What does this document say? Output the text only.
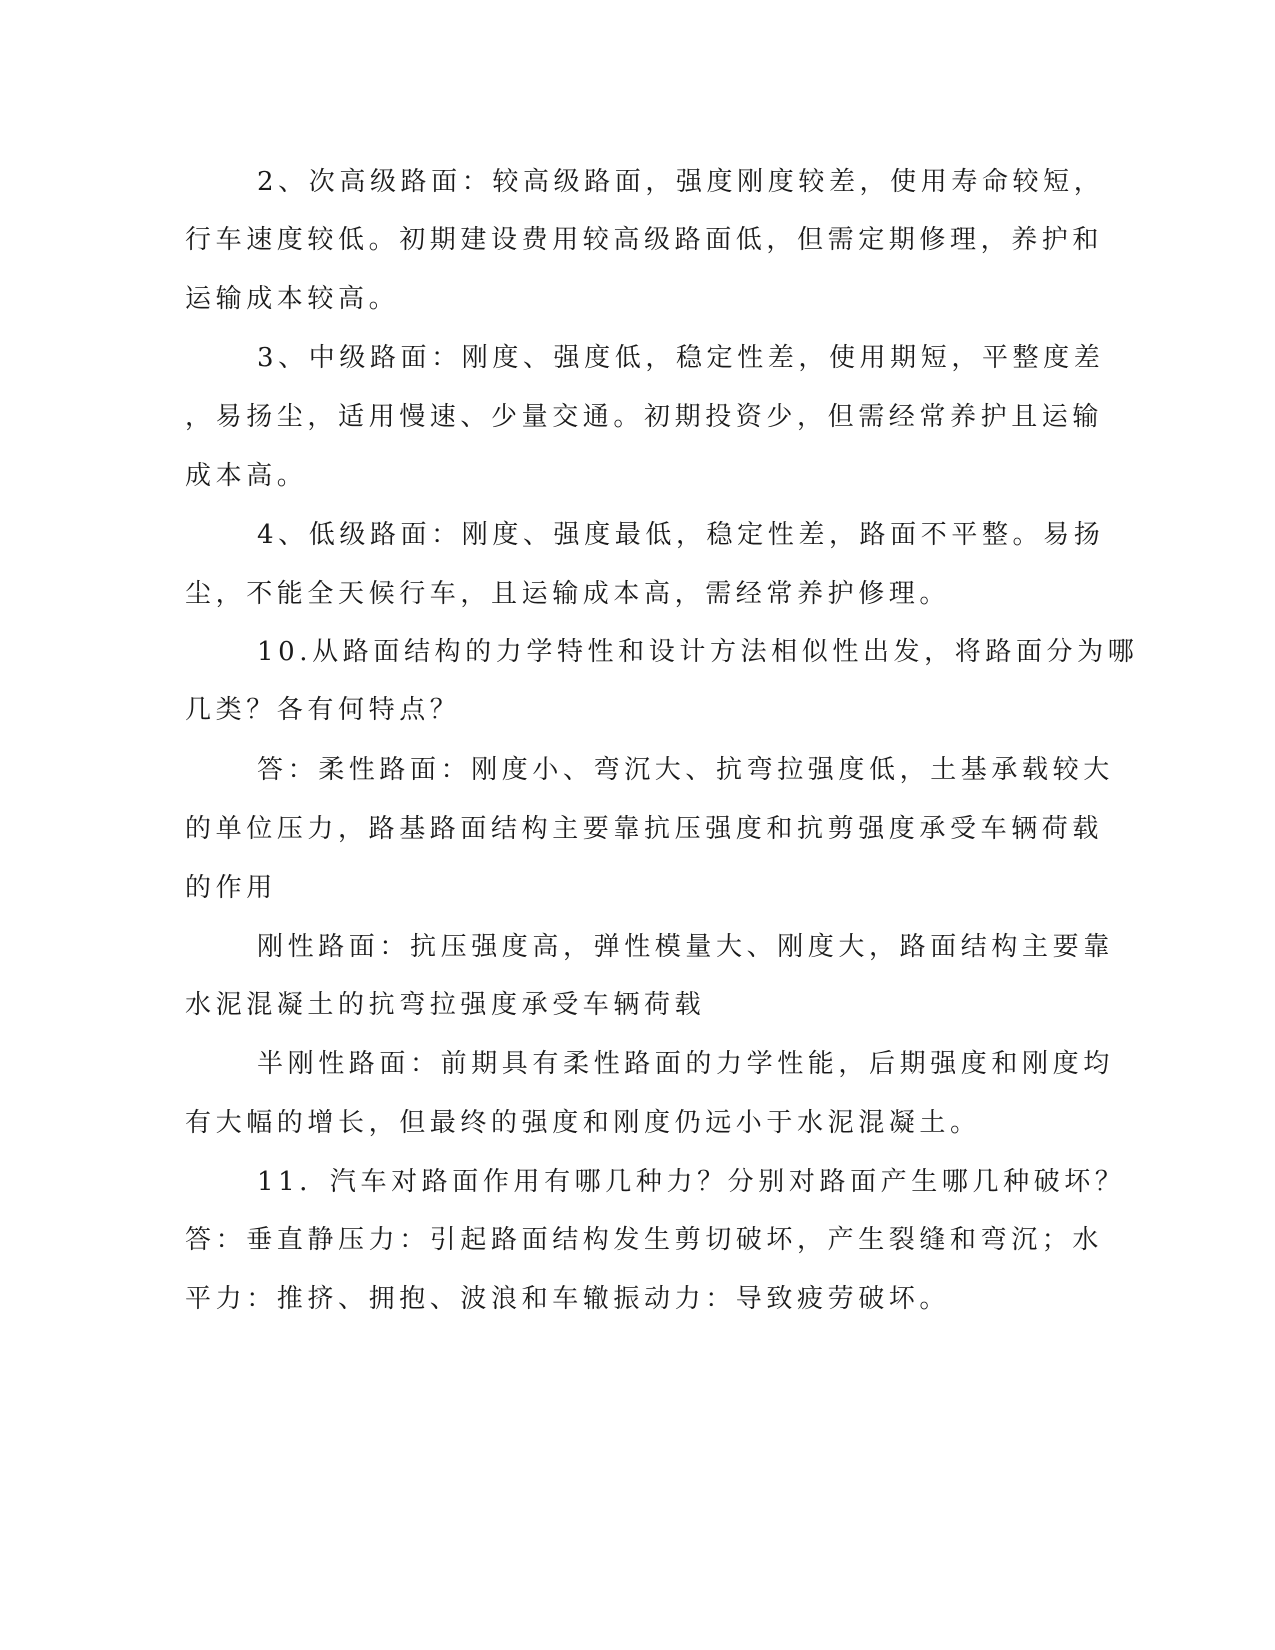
2、次高级路面：较高级路面，强度刚度较差，使用寿命较短，
行车速度较低。初期建设费用较高级路面低，但需定期修理，养护和
运输成本较高。
3、中级路面：刚度、强度低，稳定性差，使用期短，平整度差
，易扬尘，适用慢速、少量交通。初期投资少，但需经常养护且运输
成本高。
4、低级路面：刚度、强度最低，稳定性差，路面不平整。易扬
尘，不能全天候行车，且运输成本高，需经常养护修理。
10.从路面结构的力学特性和设计方法相似性出发，将路面分为哪
几类？各有何特点？
答：柔性路面：刚度小、弯沉大、抗弯拉强度低，土基承载较大
的单位压力，路基路面结构主要靠抗压强度和抗剪强度承受车辆荷载
的作用
刚性路面：抗压强度高，弹性模量大、刚度大，路面结构主要靠
水泥混凝土的抗弯拉强度承受车辆荷载
半刚性路面：前期具有柔性路面的力学性能，后期强度和刚度均
有大幅的增长，但最终的强度和刚度仍远小于水泥混凝土。
11．汽车对路面作用有哪几种力？分别对路面产生哪几种破坏？
答：垂直静压力：引起路面结构发生剪切破坏，产生裂缝和弯沉；水
平力：推挤、拥抱、波浪和车辙振动力：导致疲劳破坏。
